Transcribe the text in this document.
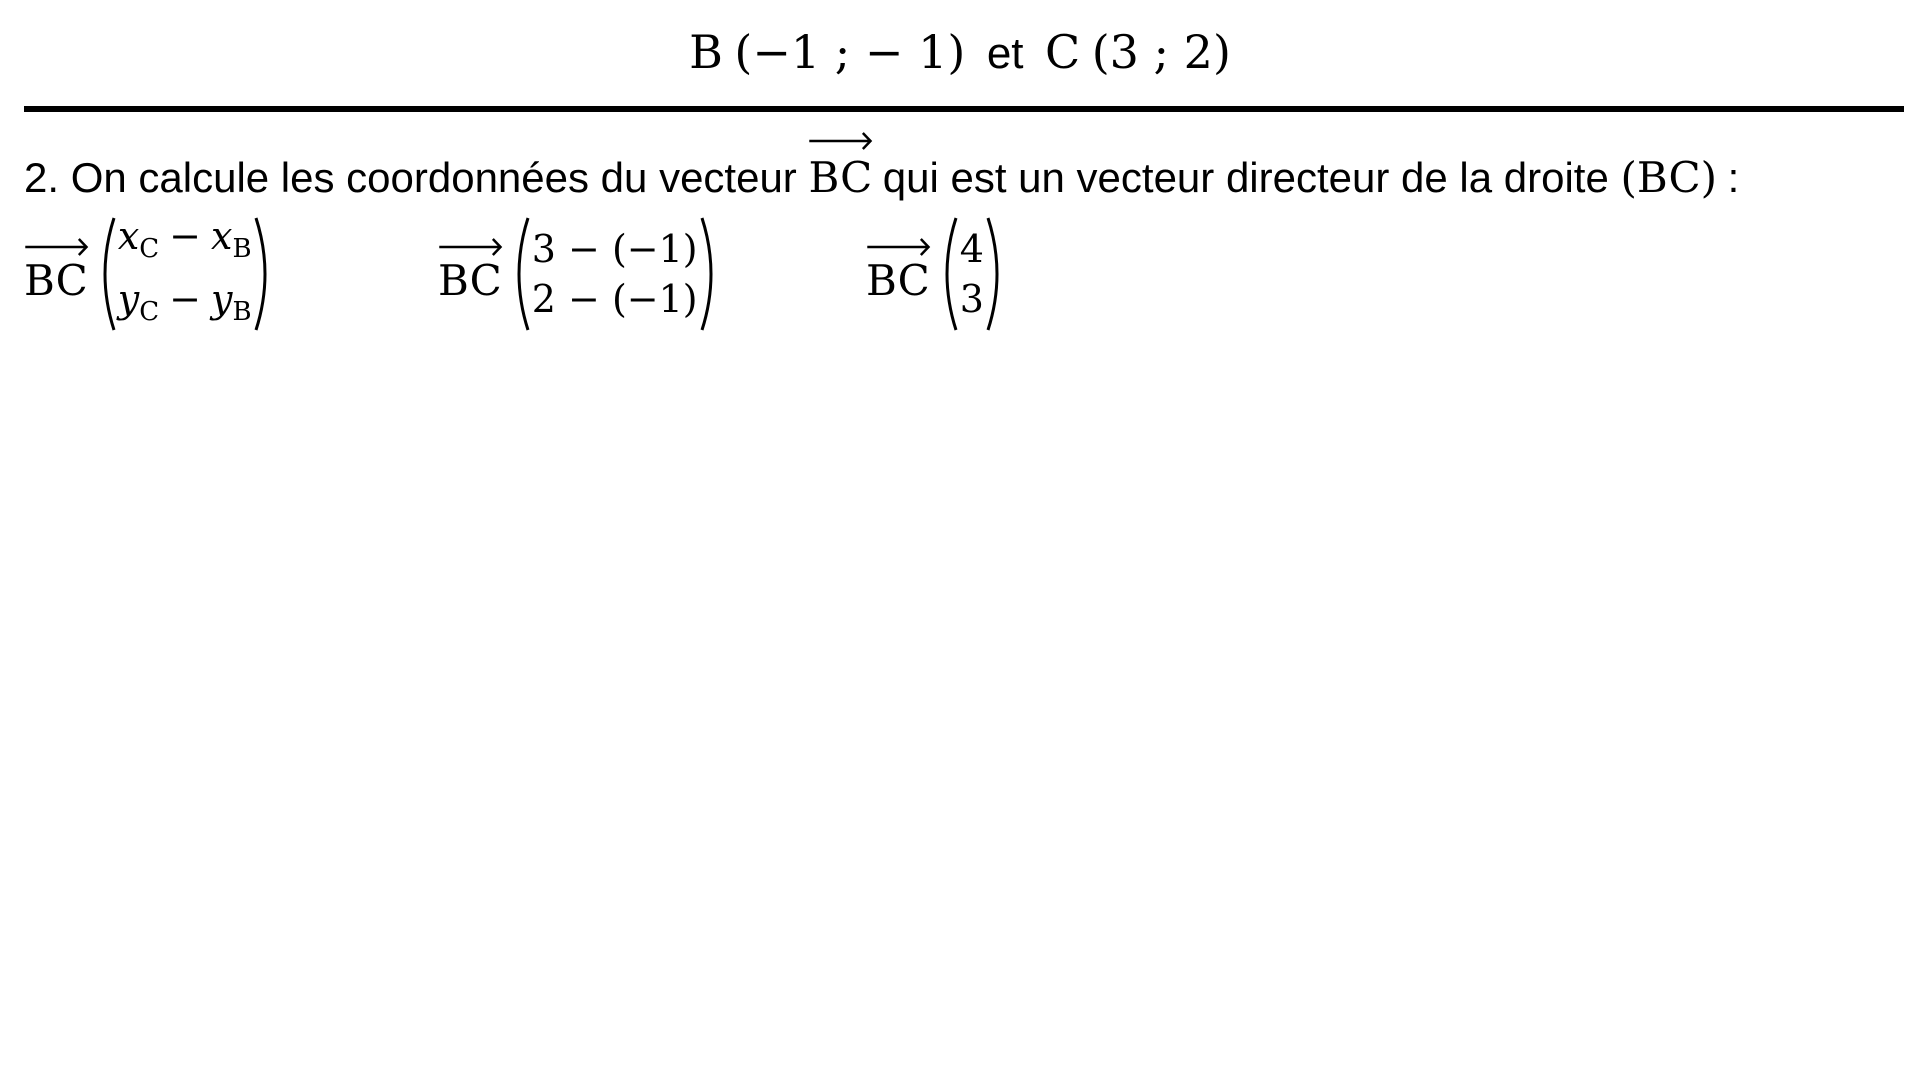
B (−1 ; − 1) et C (3 ; 2)
2. On calcule les coordonnées du vecteur
BC qui est un vecteur directeur de la droite (BC) :
BC
$x_C - x_B$
$y_C - y_B$
BC
3 − (−1)
2 − (−1)	BC
4
3
